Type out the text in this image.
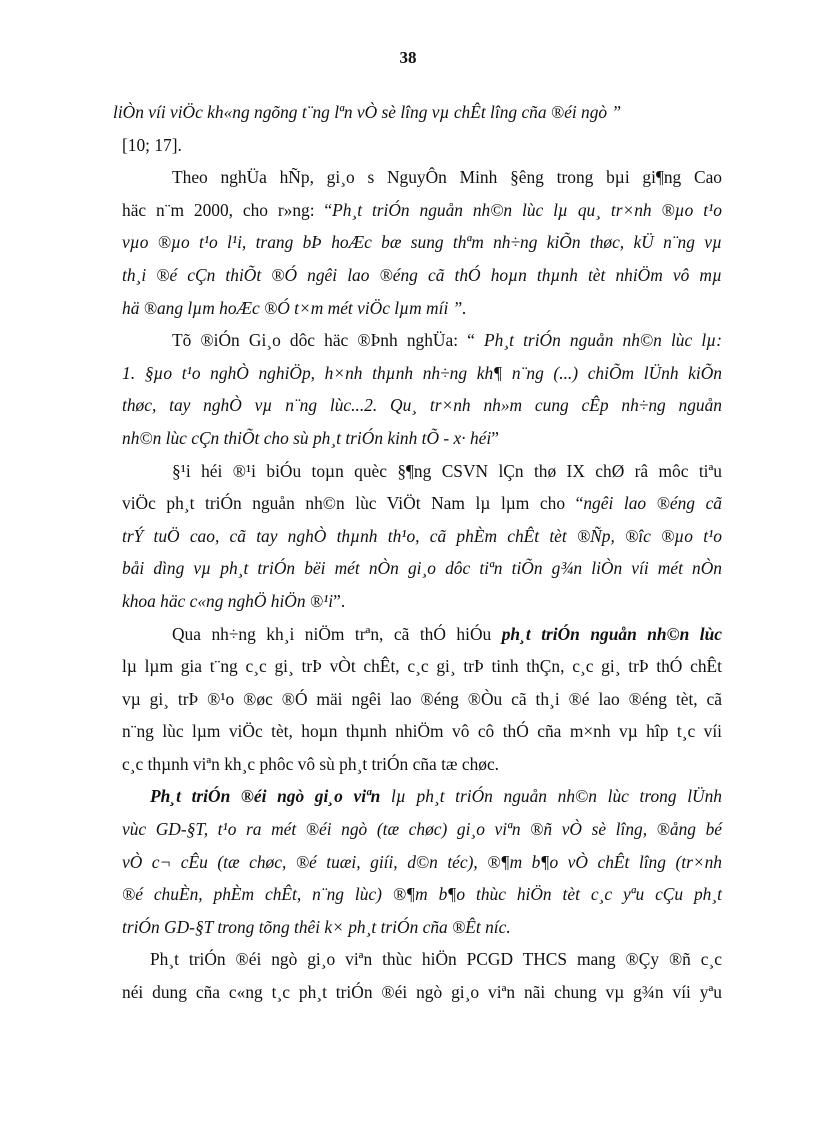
38
liÒn víi viÖc kh«ng ngõng t¨ng lªn vÒ sè lîng vµ chÊt lîng cña ®éi ngò ”
[10; 17].
Theo nghÜa hÑp, gi¸o s NguyÔn Minh §êng trong bµi gi¶ng Cao
häc n¨m 2000, cho r»ng: “Ph¸t triÓn nguån nh©n lùc lµ qu¸ tr×nh ®µo t¹o
vµo ®µo t¹o l¹i, trang bÞ hoÆc bæ sung thªm nh÷ng kiÕn thøc, kÜ n¨ng vµ
th¸i ®é cÇn thiÕt ®Ó ngêi lao ®éng cã thÓ hoµn thµnh tèt nhiÖm vô mµ
hä ®ang lµm hoÆc ®Ó t×m mét viÖc lµm míi ”.
Tõ ®iÓn Gi¸o dôc häc ®Þnh nghÜa: “ Ph¸t triÓn nguån nh©n lùc lµ:
1. §µo t¹o nghÒ nghiÖp, h×nh thµnh nh÷ng kh¶ n¨ng (...) chiÕm lÜnh kiÕn
thøc, tay nghÒ vµ n¨ng lùc...2. Qu¸ tr×nh nh»m cung cÊp nh÷ng nguån
nh©n lùc cÇn thiÕt cho sù ph¸t triÓn kinh tÕ - x· héi”
§¹i héi ®¹i biÓu toµn quèc §¶ng CSVN lÇn thø IX chØ râ môc tiªu
viÖc ph¸t triÓn nguån nh©n lùc ViÖt Nam lµ lµm cho “ngêi lao ®éng cã
trÝ tuÖ cao, cã tay nghÒ thµnh th¹o, cã phÈm chÊt tèt ®Ñp, ®îc ®µo t¹o
båi dìng vµ ph¸t triÓn bëi mét nÒn gi¸o dôc tiªn tiÕn g¾n liÒn víi mét nÒn
khoa häc c«ng nghÖ hiÖn ®¹i”.
Qua nh÷ng kh¸i niÖm trªn, cã thÓ hiÓu ph¸t triÓn nguån nh©n lùc
lµ lµm gia t¨ng c¸c gi¸ trÞ vÒt chÊt, c¸c gi¸ trÞ tinh thÇn, c¸c gi¸ trÞ thÓ chÊt
vµ gi¸ trÞ ®¹o ®øc ®Ó mäi ngêi lao ®éng ®Òu cã th¸i ®é lao ®éng tèt, cã
n¨ng lùc lµm viÖc tèt, hoµn thµnh nhiÖm vô cô thÓ cña m×nh vµ hîp t¸c víi
c¸c thµnh viªn kh¸c phôc vô sù ph¸t triÓn cña tæ chøc.
Ph¸t triÓn ®éi ngò gi¸o viªn lµ ph¸t triÓn nguån nh©n lùc trong lÜnh
vùc GD-§T, t¹o ra mét ®éi ngò (tæ chøc) gi¸o viªn ®ñ vÒ sè lîng, ®ång bé
vÒ c¬ cÊu (tæ chøc, ®é tuæi, giíi, d©n téc), ®¶m b¶o vÒ chÊt lîng (tr×nh
®é chuÈn, phÈm chÊt, n¨ng lùc) ®¶m b¶o thùc hiÖn tèt c¸c yªu cÇu ph¸t
triÓn GD-§T trong tõng thêi k× ph¸t triÓn cña ®Êt níc.
Ph¸t triÓn ®éi ngò gi¸o viªn thùc hiÖn PCGD THCS mang ®Çy ®ñ c¸c
néi dung cña c«ng t¸c ph¸t triÓn ®éi ngò gi¸o viªn nãi chung vµ g¾n víi yªu
